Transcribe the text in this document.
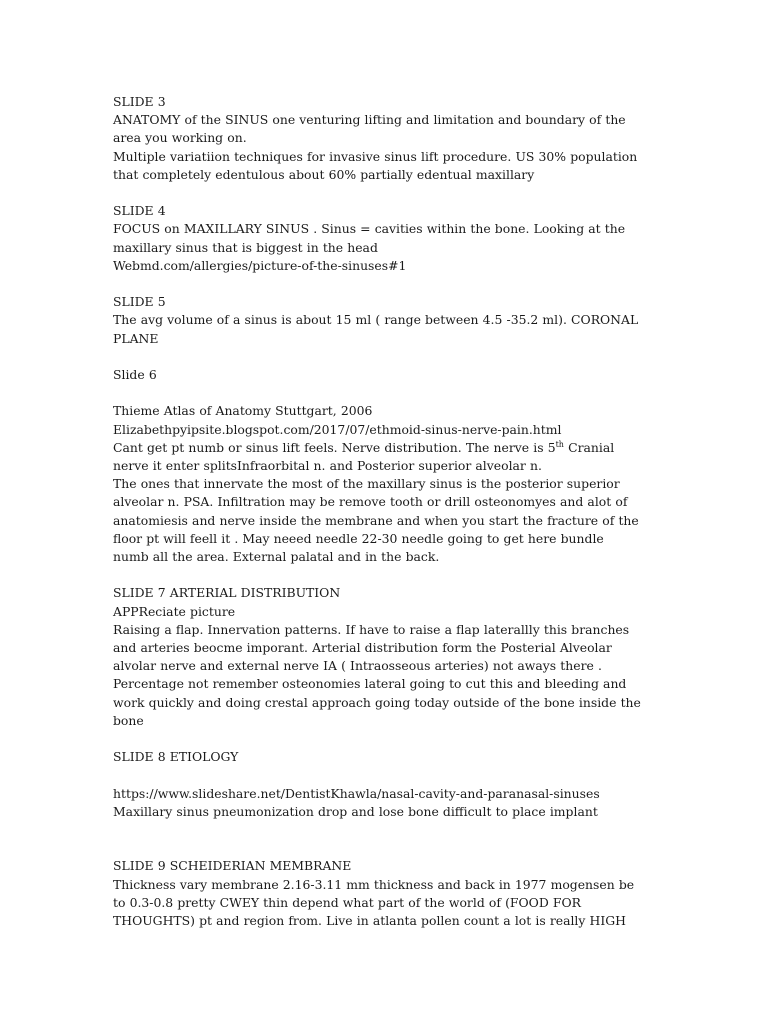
SLIDE 3

ANATOMY of the SINUS one venturing lifting and limitation and boundary of the area you working on.

Multiple variatiion techniques for invasive sinus lift procedure. US 30% population that completely edentulous about 60% partially edentual maxillary

SLIDE 4

FOCUS on MAXILLARY SINUS . Sinus = cavities within the bone. Looking at the maxillary sinus that is biggest in the head

Webmd.com/allergies/picture-of-the-sinuses#1

SLIDE 5

The avg volume of a sinus is about 15 ml ( range between 4.5 -35.2 ml). CORONAL PLANE

Slide 6

Thieme Atlas of Anatomy Stuttgart, 2006

Elizabethpyipsite.blogspot.com/2017/07/ethmoid-sinus-nerve-pain.html

Cant get pt numb or sinus lift feels. Nerve distribution. The nerve is 5th Cranial nerve it enter splitsInfraorbital n. and Posterior superior alveolar n.

The ones that innervate the most of the maxillary sinus is the posterior superior alveolar n. PSA. Infiltration may be remove tooth or drill osteonomyes and alot of anatomiesis and nerve inside the membrane and when you start the fracture of the floor pt will feell it . May neeed needle 22-30 needle going to get here bundle numb all the area. External palatal and in the back.

SLIDE 7 ARTERIAL DISTRIBUTION

APPReciate picture

Raising a flap. Innervation patterns. If have to raise a flap laterallly this branches and arteries beocme imporant. Arterial distribution form the Posterial Alveolar alvolar nerve and external nerve IA ( Intraosseous arteries) not aways there . Percentage not remember osteonomies lateral going to cut this and bleeding and work quickly and doing crestal approach going today outside of the bone inside the bone

SLIDE 8 ETIOLOGY

https://www.slideshare.net/DentistKhawla/nasal-cavity-and-paranasal-sinuses

Maxillary sinus pneumonization drop and lose bone difficult to place implant

SLIDE 9 SCHEIDERIAN MEMBRANE

Thickness vary membrane 2.16-3.11 mm thickness and back in 1977 mogensen be to 0.3-0.8 pretty CWEY thin depend what part of the world of (FOOD FOR THOUGHTS) pt and region from. Live in atlanta pollen count a lot is really HIGH
